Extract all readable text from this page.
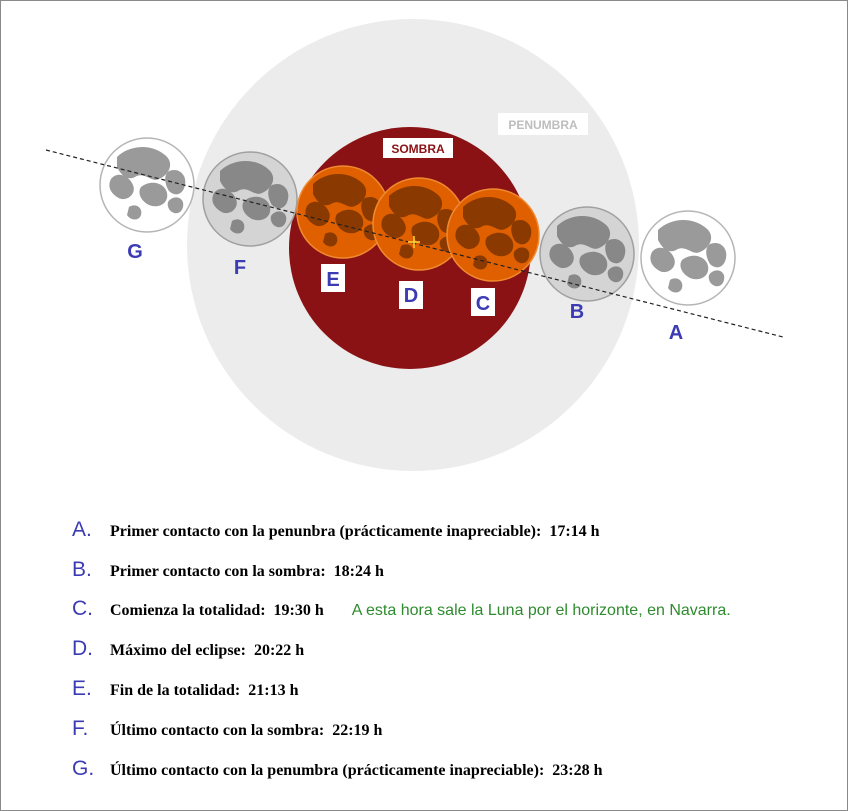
PENUMBRA
SOMBRA
G
F
E
D	C	B
A
A.	Primer contacto con la penunbra (prácticamente inapreciable): 17:14 h
B.	Primer contacto con la sombra: 18:24 h
C.	Comienza la totalidad: 19:30 h A esta hora sale la Luna por el horizonte, en Navarra.
D.	Máximo del eclipse: 20:22 h
E.	Fin de la totalidad: 21:13 h
F.	Último contacto con la sombra: 22:19 h
G. Último contacto con la penumbra (prácticamente inapreciable): 23:28 h
